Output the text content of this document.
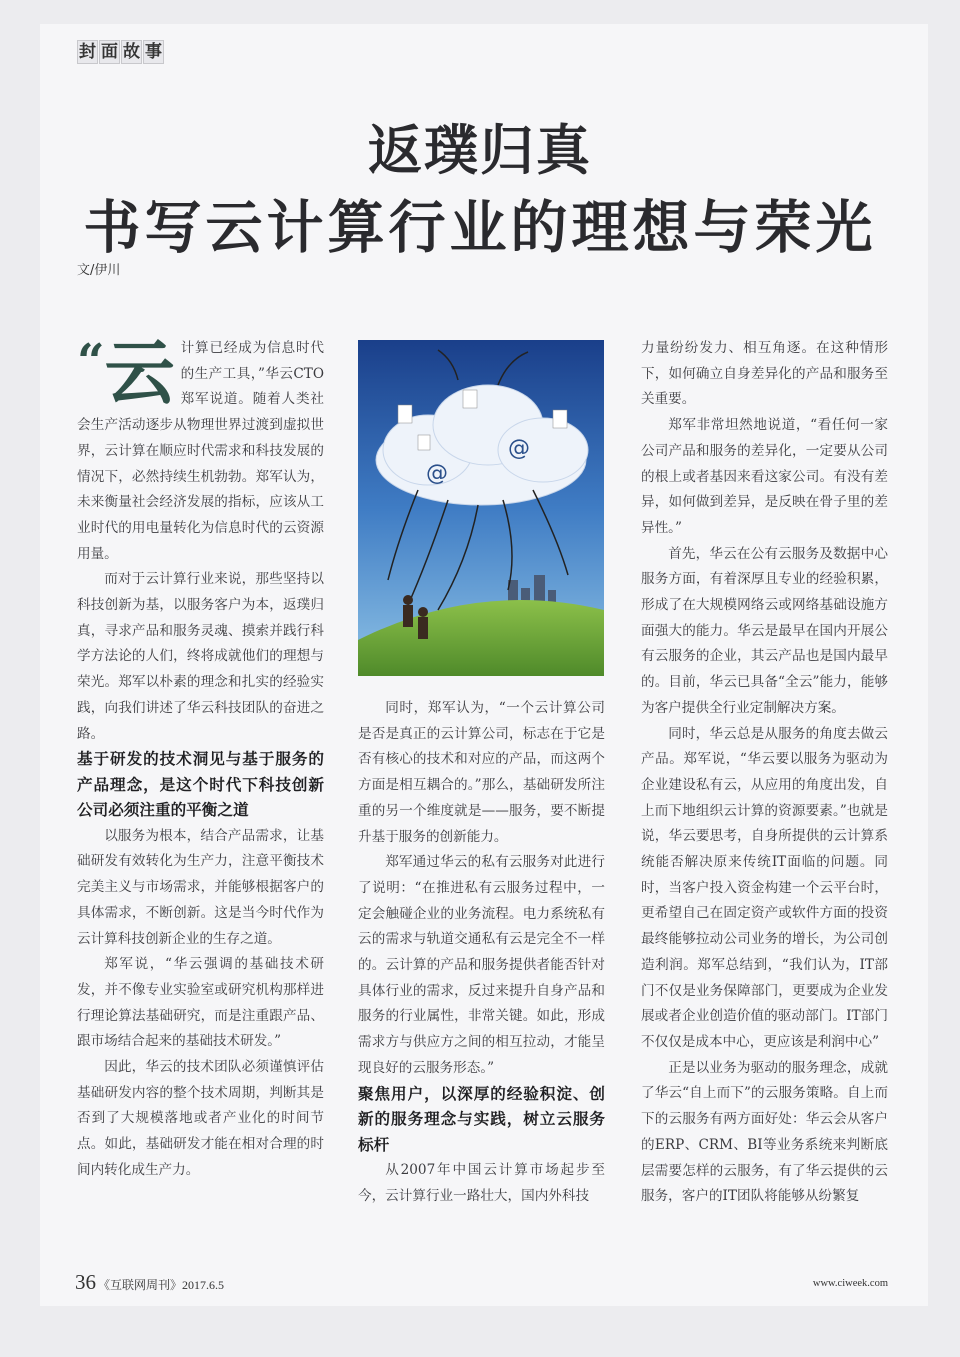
封 面 故 事
返璞归真
书写云计算行业的理想与荣光
文/伊川
“ 云 计算已经成为信息时代的生产工具，”华云CTO郑军说道。随着人类社会生产活动逐步从物理世界过渡到虚拟世界，云计算在顺应时代需求和科技发展的情况下，必然持续生机勃勃。郑军认为，未来衡量社会经济发展的指标，应该从工业时代的用电量转化为信息时代的云资源用量。

而对于云计算行业来说，那些坚持以科技创新为基，以服务客户为本，返璞归真，寻求产品和服务灵魂、摸索并践行科学方法论的人们，终将成就他们的理想与荣光。郑军以朴素的理念和扎实的经验实践，向我们讲述了华云科技团队的奋进之路。

基于研发的技术洞见与基于服务的产品理念，是这个时代下科技创新公司必须注重的平衡之道

以服务为根本，结合产品需求，让基础研发有效转化为生产力，注意平衡技术完美主义与市场需求，并能够根据客户的具体需求，不断创新。这是当今时代作为云计算科技创新企业的生存之道。

郑军说，“华云强调的基础技术研发，并不像专业实验室或研究机构那样进行理论算法基础研究，而是注重跟产品、跟市场结合起来的基础技术研发。”

因此，华云的技术团队必须谨慎评估基础研发内容的整个技术周期，判断其是否到了大规模落地或者产业化的时间节点。如此，基础研发才能在相对合理的时间内转化成生产力。

@
@

同时，郑军认为，“一个云计算公司是否是真正的云计算公司，标志在于它是否有核心的技术和对应的产品，而这两个方面是相互耦合的。”那么，基础研发所注重的另一个维度就是——服务，要不断提升基于服务的创新能力。

郑军通过华云的私有云服务对此进行了说明：“在推进私有云服务过程中，一定会触碰企业的业务流程。电力系统私有云的需求与轨道交通私有云是完全不一样的。云计算的产品和服务提供者能否针对具体行业的需求，反过来提升自身产品和服务的行业属性，非常关键。如此，形成需求方与供应方之间的相互拉动，才能呈现良好的云服务形态。”

聚焦用户，以深厚的经验积淀、创新的服务理念与实践，树立云服务标杆

从2007年中国云计算市场起步至今，云计算行业一路壮大，国内外科技

力量纷纷发力、相互角逐。在这种情形下，如何确立自身差异化的产品和服务至关重要。

郑军非常坦然地说道，“看任何一家公司产品和服务的差异化，一定要从公司的根上或者基因来看这家公司。有没有差异，如何做到差异，是反映在骨子里的差异性。”

首先，华云在公有云服务及数据中心服务方面，有着深厚且专业的经验积累，形成了在大规模网络云或网络基础设施方面强大的能力。华云是最早在国内开展公有云服务的企业，其云产品也是国内最早的。目前，华云已具备“全云”能力，能够为客户提供全行业定制解决方案。

同时，华云总是从服务的角度去做云产品。郑军说，“华云要以服务为驱动为企业建设私有云，从应用的角度出发，自上而下地组织云计算的资源要素。”也就是说，华云要思考，自身所提供的云计算系统能否解决原来传统IT面临的问题。同时，当客户投入资金构建一个云平台时，更希望自己在固定资产或软件方面的投资最终能够拉动公司业务的增长，为公司创造利润。郑军总结到，“我们认为，IT部门不仅是业务保障部门，更要成为企业发展或者企业创造价值的驱动部门。IT部门不仅仅是成本中心，更应该是利润中心”

正是以业务为驱动的服务理念，成就了华云“自上而下”的云服务策略。自上而下的云服务有两方面好处：华云会从客户的ERP、CRM、BI等业务系统来判断底层需要怎样的云服务，有了华云提供的云服务，客户的IT团队将能够从纷繁复

36 《互联网周刊》2017.6.5	www.ciweek.com
